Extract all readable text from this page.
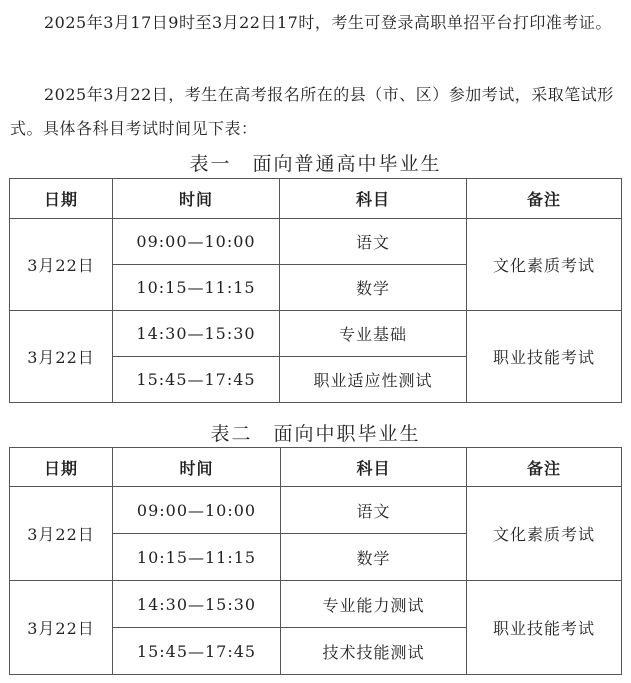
2025年3月17日9时至3月22日17时，考生可登录高职单招平台打印准考证。

2025年3月22日，考生在高考报名所在的县（市、区）参加考试，采取笔试形式。具体各科目考试时间见下表：

表一　面向普通高中毕业生
日期	时间	科目	备注
3月22日	09:00—10:00	语文	文化素质考试
	10:15—11:15	数学	
3月22日	14:30—15:30	专业基础	职业技能考试
	15:45—17:45	职业适应性测试	
表二　面向中职毕业生
日期	时间	科目	备注
3月22日	09:00—10:00	语文	文化素质考试
	10:15—11:15	数学	
3月22日	14:30—15:30	专业能力测试	职业技能考试
	15:45—17:45	技术技能测试	
